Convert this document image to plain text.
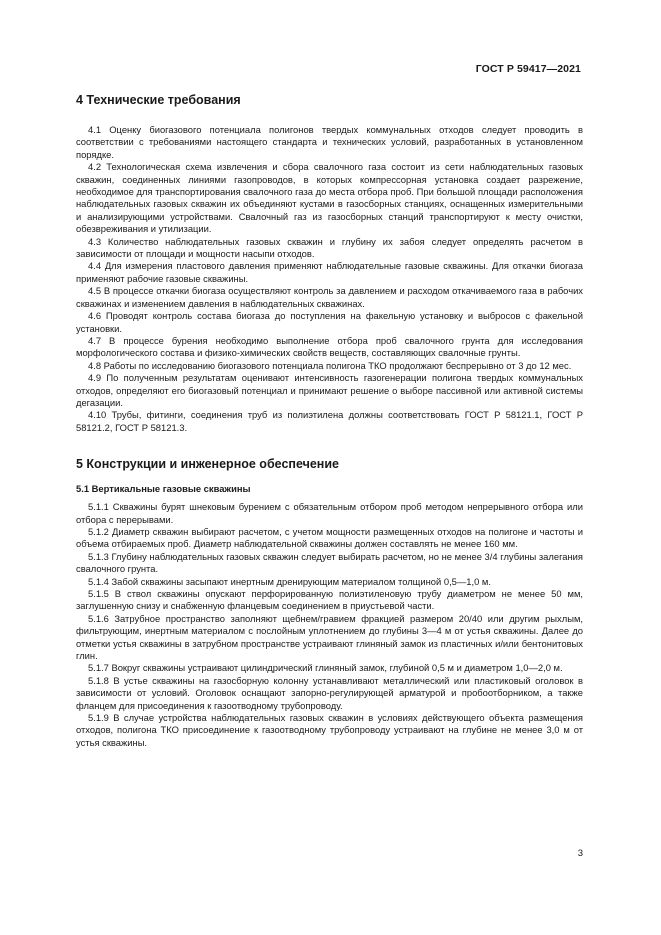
ГОСТ Р 59417—2021
4 Технические требования

4.1 Оценку биогазового потенциала полигонов твердых коммунальных отходов следует проводить в соответствии с требованиями настоящего стандарта и технических условий, разработанных в установленном порядке.

4.2 Технологическая схема извлечения и сбора свалочного газа состоит из сети наблюдательных газовых скважин, соединенных линиями газопроводов, в которых компрессорная установка создает разрежение, необходимое для транспортирования свалочного газа до места отбора проб. При большой площади расположения наблюдательных газовых скважин их объединяют кустами в газосборных станциях, оснащенных измерительными и анализирующими устройствами. Свалочный газ из газосборных станций транспортируют к месту очистки, обезвреживания и утилизации.

4.3 Количество наблюдательных газовых скважин и глубину их забоя следует определять расчетом в зависимости от площади и мощности насыпи отходов.

4.4 Для измерения пластового давления применяют наблюдательные газовые скважины. Для откачки биогаза применяют рабочие газовые скважины.

4.5 В процессе откачки биогаза осуществляют контроль за давлением и расходом откачиваемого газа в рабочих скважинах и изменением давления в наблюдательных скважинах.

4.6 Проводят контроль состава биогаза до поступления на факельную установку и выбросов с факельной установки.

4.7 В процессе бурения необходимо выполнение отбора проб свалочного грунта для исследования морфологического состава и физико-химических свойств веществ, составляющих свалочные грунты.

4.8 Работы по исследованию биогазового потенциала полигона ТКО продолжают беспрерывно от 3 до 12 мес.

4.9 По полученным результатам оценивают интенсивность газогенерации полигона твердых коммунальных отходов, определяют его биогазовый потенциал и принимают решение о выборе пассивной или активной системы дегазации.

4.10 Трубы, фитинги, соединения труб из полиэтилена должны соответствовать ГОСТ Р 58121.1, ГОСТ Р 58121.2, ГОСТ Р 58121.3.

5 Конструкции и инженерное обеспечение
5.1 Вертикальные газовые скважины

5.1.1 Скважины бурят шнековым бурением с обязательным отбором проб методом непрерывного отбора или отбора с перерывами.

5.1.2 Диаметр скважин выбирают расчетом, с учетом мощности размещенных отходов на полигоне и частоты и объема отбираемых проб. Диаметр наблюдательной скважины должен составлять не менее 160 мм.

5.1.3 Глубину наблюдательных газовых скважин следует выбирать расчетом, но не менее 3/4 глубины залегания свалочного грунта.

5.1.4 Забой скважины засыпают инертным дренирующим материалом толщиной 0,5—1,0 м.

5.1.5 В ствол скважины опускают перфорированную полиэтиленовую трубу диаметром не менее 50 мм, заглушенную снизу и снабженную фланцевым соединением в приустьевой части.

5.1.6 Затрубное пространство заполняют щебнем/гравием фракцией размером 20/40 или другим рыхлым, фильтрующим, инертным материалом с послойным уплотнением до глубины 3—4 м от устья скважины. Далее до отметки устья скважины в затрубном пространстве устраивают глиняный замок из пластичных и/или бентонитовых глин.

5.1.7 Вокруг скважины устраивают цилиндрический глиняный замок, глубиной 0,5 м и диаметром 1,0—2,0 м.

5.1.8 В устье скважины на газосборную колонну устанавливают металлический или пластиковый оголовок в зависимости от условий. Оголовок оснащают запорно-регулирующей арматурой и пробоотборником, а также фланцем для присоединения к газоотводному трубопроводу.

5.1.9 В случае устройства наблюдательных газовых скважин в условиях действующего объекта размещения отходов, полигона ТКО присоединение к газоотводному трубопроводу устраивают на глубине не менее 3,0 м от устья скважины.

3
